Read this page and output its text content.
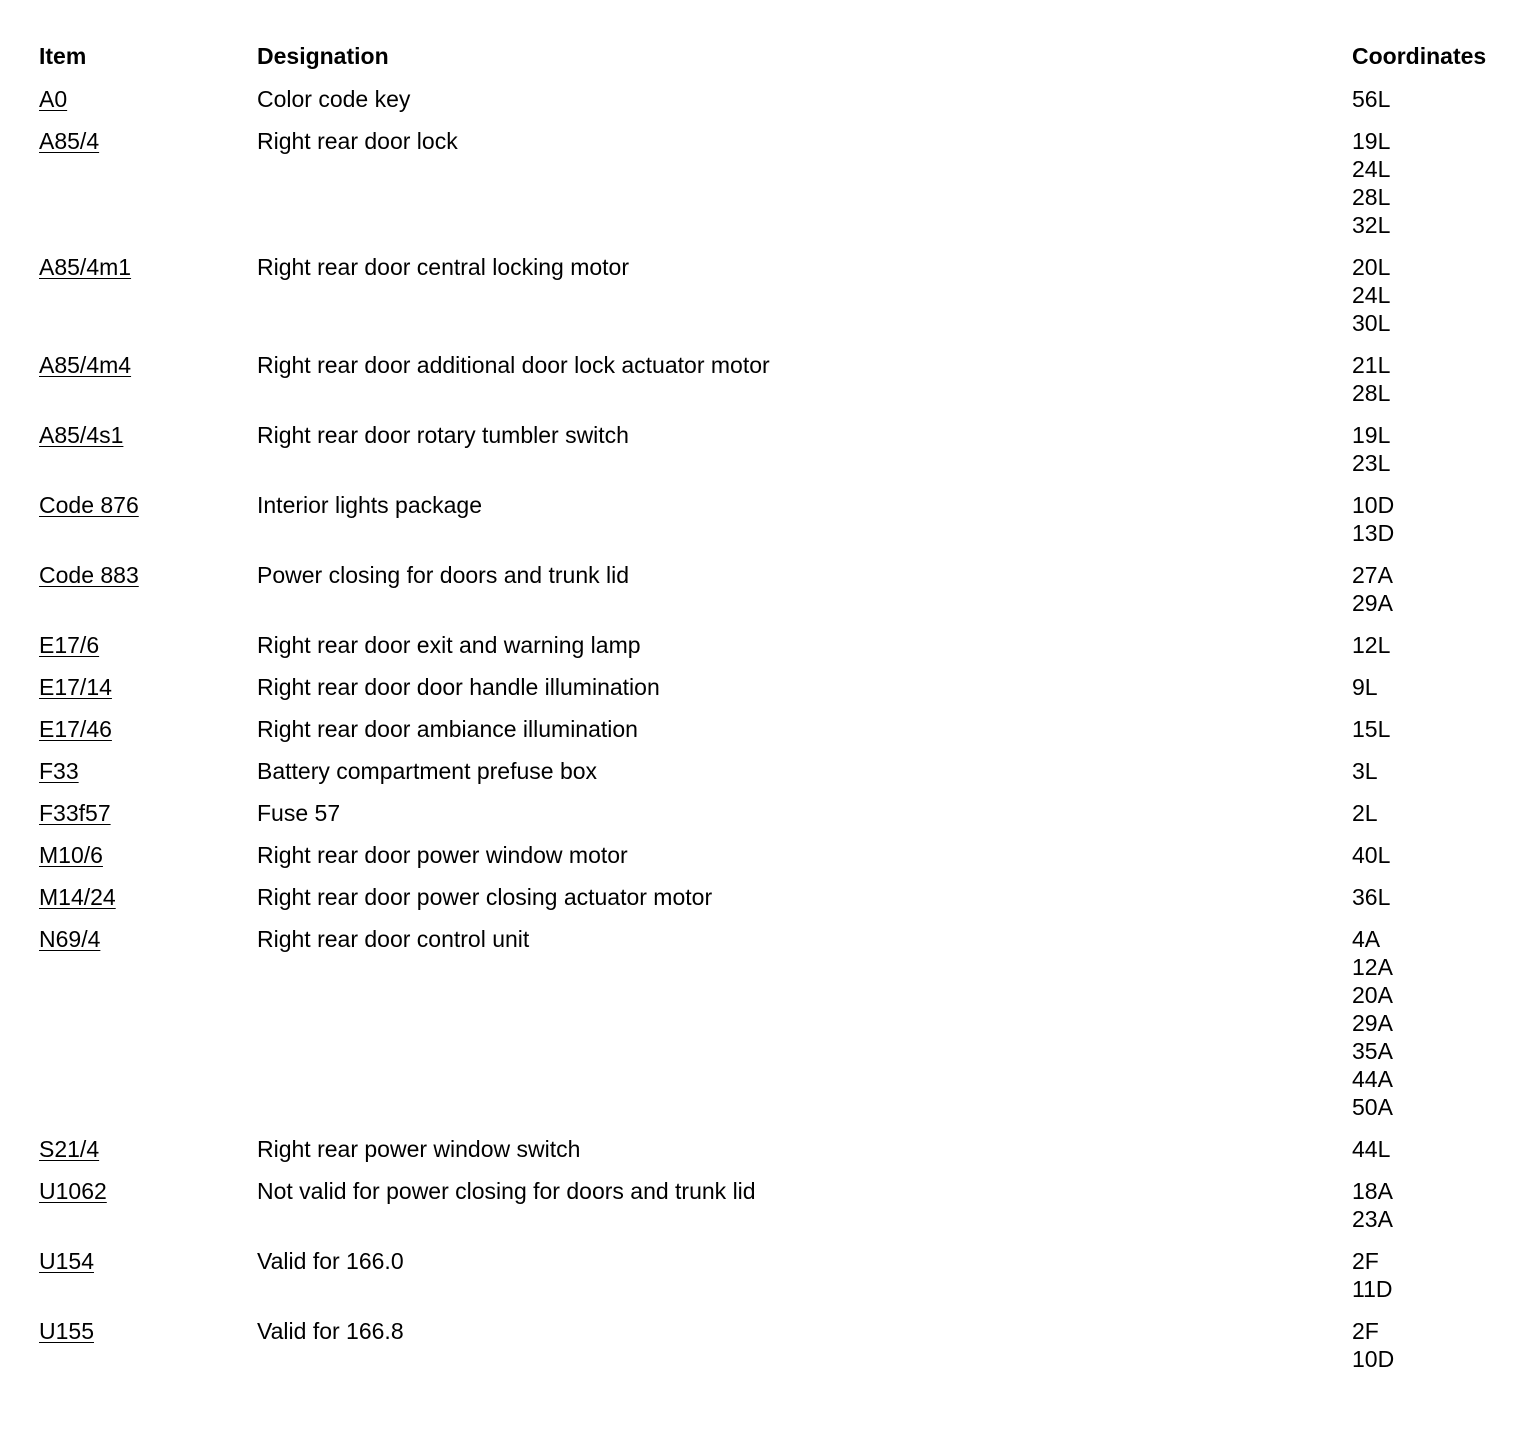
Item	Designation	Coordinates
A0	Color code key	56L
A85/4	Right rear door lock	19L
24L
28L
32L
A85/4m1	Right rear door central locking motor	20L
24L
30L
A85/4m4	Right rear door additional door lock actuator motor	21L
28L
A85/4s1	Right rear door rotary tumbler switch	19L
23L
Code 876	Interior lights package	10D
13D
Code 883	Power closing for doors and trunk lid	27A
29A
E17/6	Right rear door exit and warning lamp	12L
E17/14	Right rear door door handle illumination	9L
E17/46	Right rear door ambiance illumination	15L
F33	Battery compartment prefuse box	3L
F33f57	Fuse 57	2L
M10/6	Right rear door power window motor	40L
M14/24	Right rear door power closing actuator motor	36L
N69/4	Right rear door control unit	4A
12A
20A
29A
35A
44A
50A
S21/4	Right rear power window switch	44L
U1062	Not valid for power closing for doors and trunk lid	18A
23A
U154	Valid for 166.0	2F
11D
U155	Valid for 166.8	2F
10D
